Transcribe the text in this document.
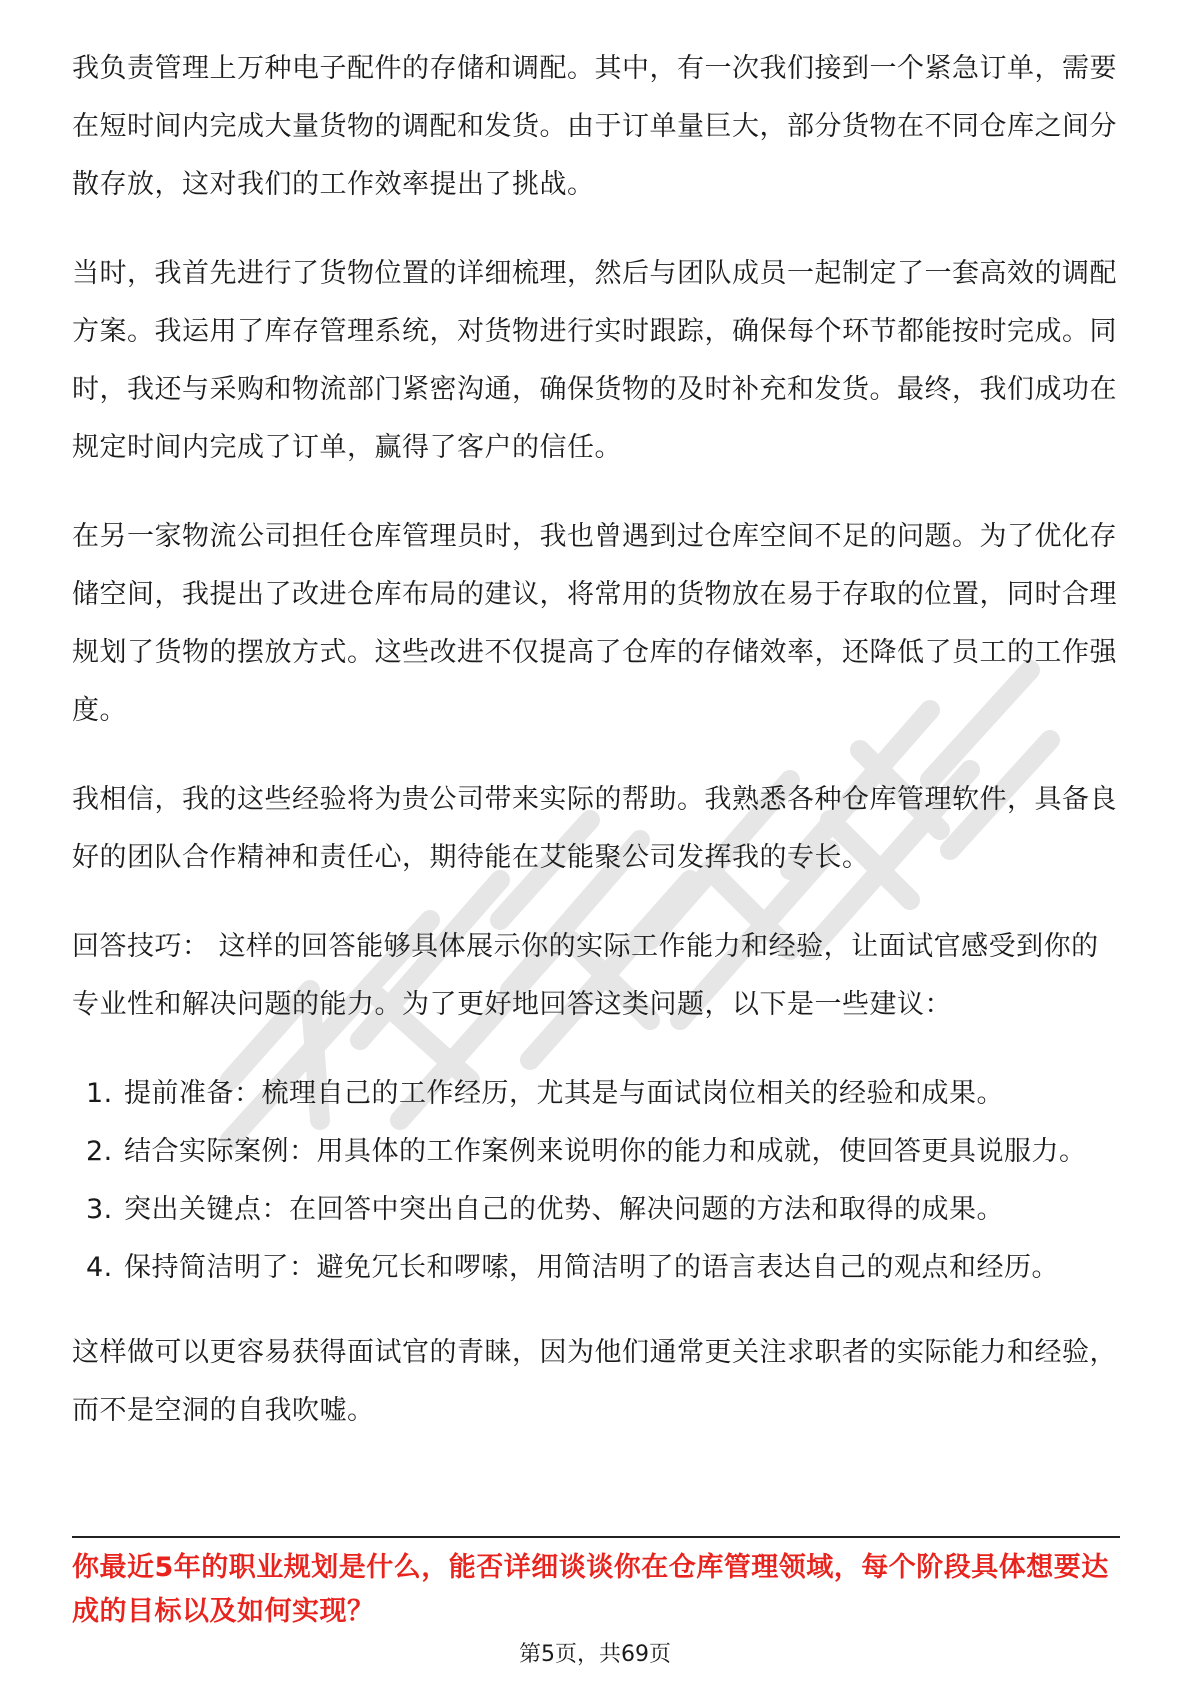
我负责管理上万种电子配件的存储和调配。其中，有一次我们接到一个紧急订单，需要在短时间内完成大量货物的调配和发货。由于订单量巨大，部分货物在不同仓库之间分散存放，这对我们的工作效率提出了挑战。

当时，我首先进行了货物位置的详细梳理，然后与团队成员一起制定了一套高效的调配方案。我运用了库存管理系统，对货物进行实时跟踪，确保每个环节都能按时完成。同时，我还与采购和物流部门紧密沟通，确保货物的及时补充和发货。最终，我们成功在规定时间内完成了订单，赢得了客户的信任。

在另一家物流公司担任仓库管理员时，我也曾遇到过仓库空间不足的问题。为了优化存储空间，我提出了改进仓库布局的建议，将常用的货物放在易于存取的位置，同时合理规划了货物的摆放方式。这些改进不仅提高了仓库的存储效率，还降低了员工的工作强度。

我相信，我的这些经验将为贵公司带来实际的帮助。我熟悉各种仓库管理软件，具备良好的团队合作精神和责任心，期待能在艾能聚公司发挥我的专长。

回答技巧： 这样的回答能够具体展示你的实际工作能力和经验，让面试官感受到你的专业性和解决问题的能力。为了更好地回答这类问题，以下是一些建议：

1. 提前准备：梳理自己的工作经历，尤其是与面试岗位相关的经验和成果。
2. 结合实际案例：用具体的工作案例来说明你的能力和成就，使回答更具说服力。
3. 突出关键点：在回答中突出自己的优势、解决问题的方法和取得的成果。
4. 保持简洁明了：避免冗长和啰嗦，用简洁明了的语言表达自己的观点和经历。

这样做可以更容易获得面试官的青睐，因为他们通常更关注求职者的实际能力和经验，而不是空洞的自我吹嘘。

你最近5年的职业规划是什么，能否详细谈谈你在仓库管理领域，每个阶段具体想要达成的目标以及如何实现？
第5页，共69页
